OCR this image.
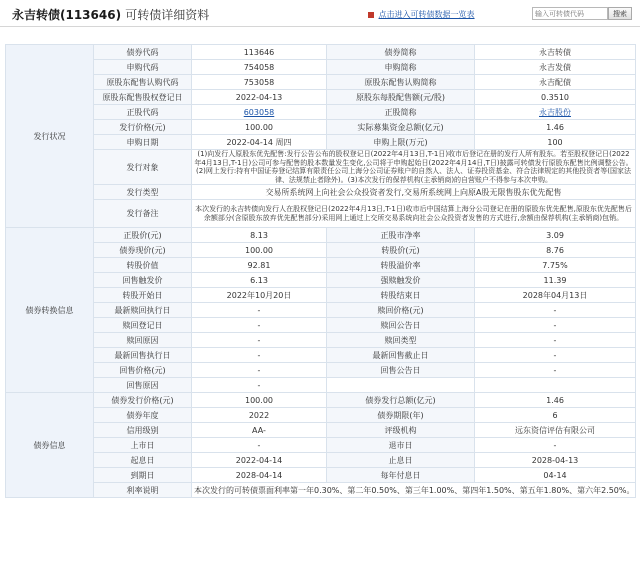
永吉转债(113646) 可转债详细资料	点击进入可转债数据一览表
输入可转债代码	搜索
发行状况	债券代码	113646	债券简称	永吉转债
	申购代码	754058	申购简称	永吉发债
	原股东配售认购代码	753058	原股东配售认购简称	永吉配债
	原股东配售股权登记日	2022-04-13	原股东每股配售额(元/股)	0.3510
	正股代码	603058	正股简称	永吉股份
	发行价格(元)	100.00	实际募集资金总额(亿元)	1.46
	申购日期	2022-04-14 周四	申购上限(万元)	100
	发行对象	(1)向发行人原股东优先配售:发行公告公布的股权登记日(2022年4月13日,T-1日)收市后登记在册的发行人所有股东。若至股权登记日(2022年4月13日,T-1日)公司可参与配售的股本数量发生变化,公司将于申购起始日(2022年4月14日,T日)披露可转债发行原股东配售比例调整公告。(2)网上发行:持有中国证券登记结算有限责任公司上海分公司证券账户的自然人、法人、证券投资基金、符合法律规定的其他投资者等(国家法律、法规禁止者除外)。(3)本次发行的保荐机构(主承销商)的自营账户不得参与本次申购。		

	发行类型	交易所系统网上向社会公众投资者发行,交易所系统网上向原A股无限售股东优先配售		
	发行备注	本次发行的永吉转债向发行人在股权登记日(2022年4月13日,T-1日)收市后中国结算上海分公司登记在册的原股东优先配售,原股东优先配售后余额部分(含原股东放弃优先配售部分)采用网上通过上交所交易系统向社会公众投资者发售的方式进行,余额由保荐机构(主承销商)包销。		
债券转换信息	正股价(元)	8.13	正股市净率	3.09
	债券现价(元)	100.00	转股价(元)	8.76
	转股价值	92.81	转股溢价率	7.75%
	回售触发价	6.13	强赎触发价	11.39
	转股开始日	2022年10月20日	转股结束日	2028年04月13日
	最新赎回执行日	-	赎回价格(元)	-
	赎回登记日	-	赎回公告日	-
	赎回原因	-	赎回类型	-
	最新回售执行日	-	最新回售截止日	-
	回售价格(元)	-	回售公告日	-
	回售原因	-		

债券信息	债券发行价格(元)	100.00	债券发行总额(亿元)	1.46
	债券年度	2022	债券期限(年)	6
	信用级别	AA-	评级机构	远东资信评估有限公司
	上市日	-	退市日	-
	起息日	2022-04-14	止息日	2028-04-13
	到期日	2028-04-14	每年付息日	04-14
	利率说明	本次发行的可转债票面利率第一年0.30%、第二年0.50%、第三年1.00%、第四年1.50%、第五年1.80%、第六年2.50%。		
